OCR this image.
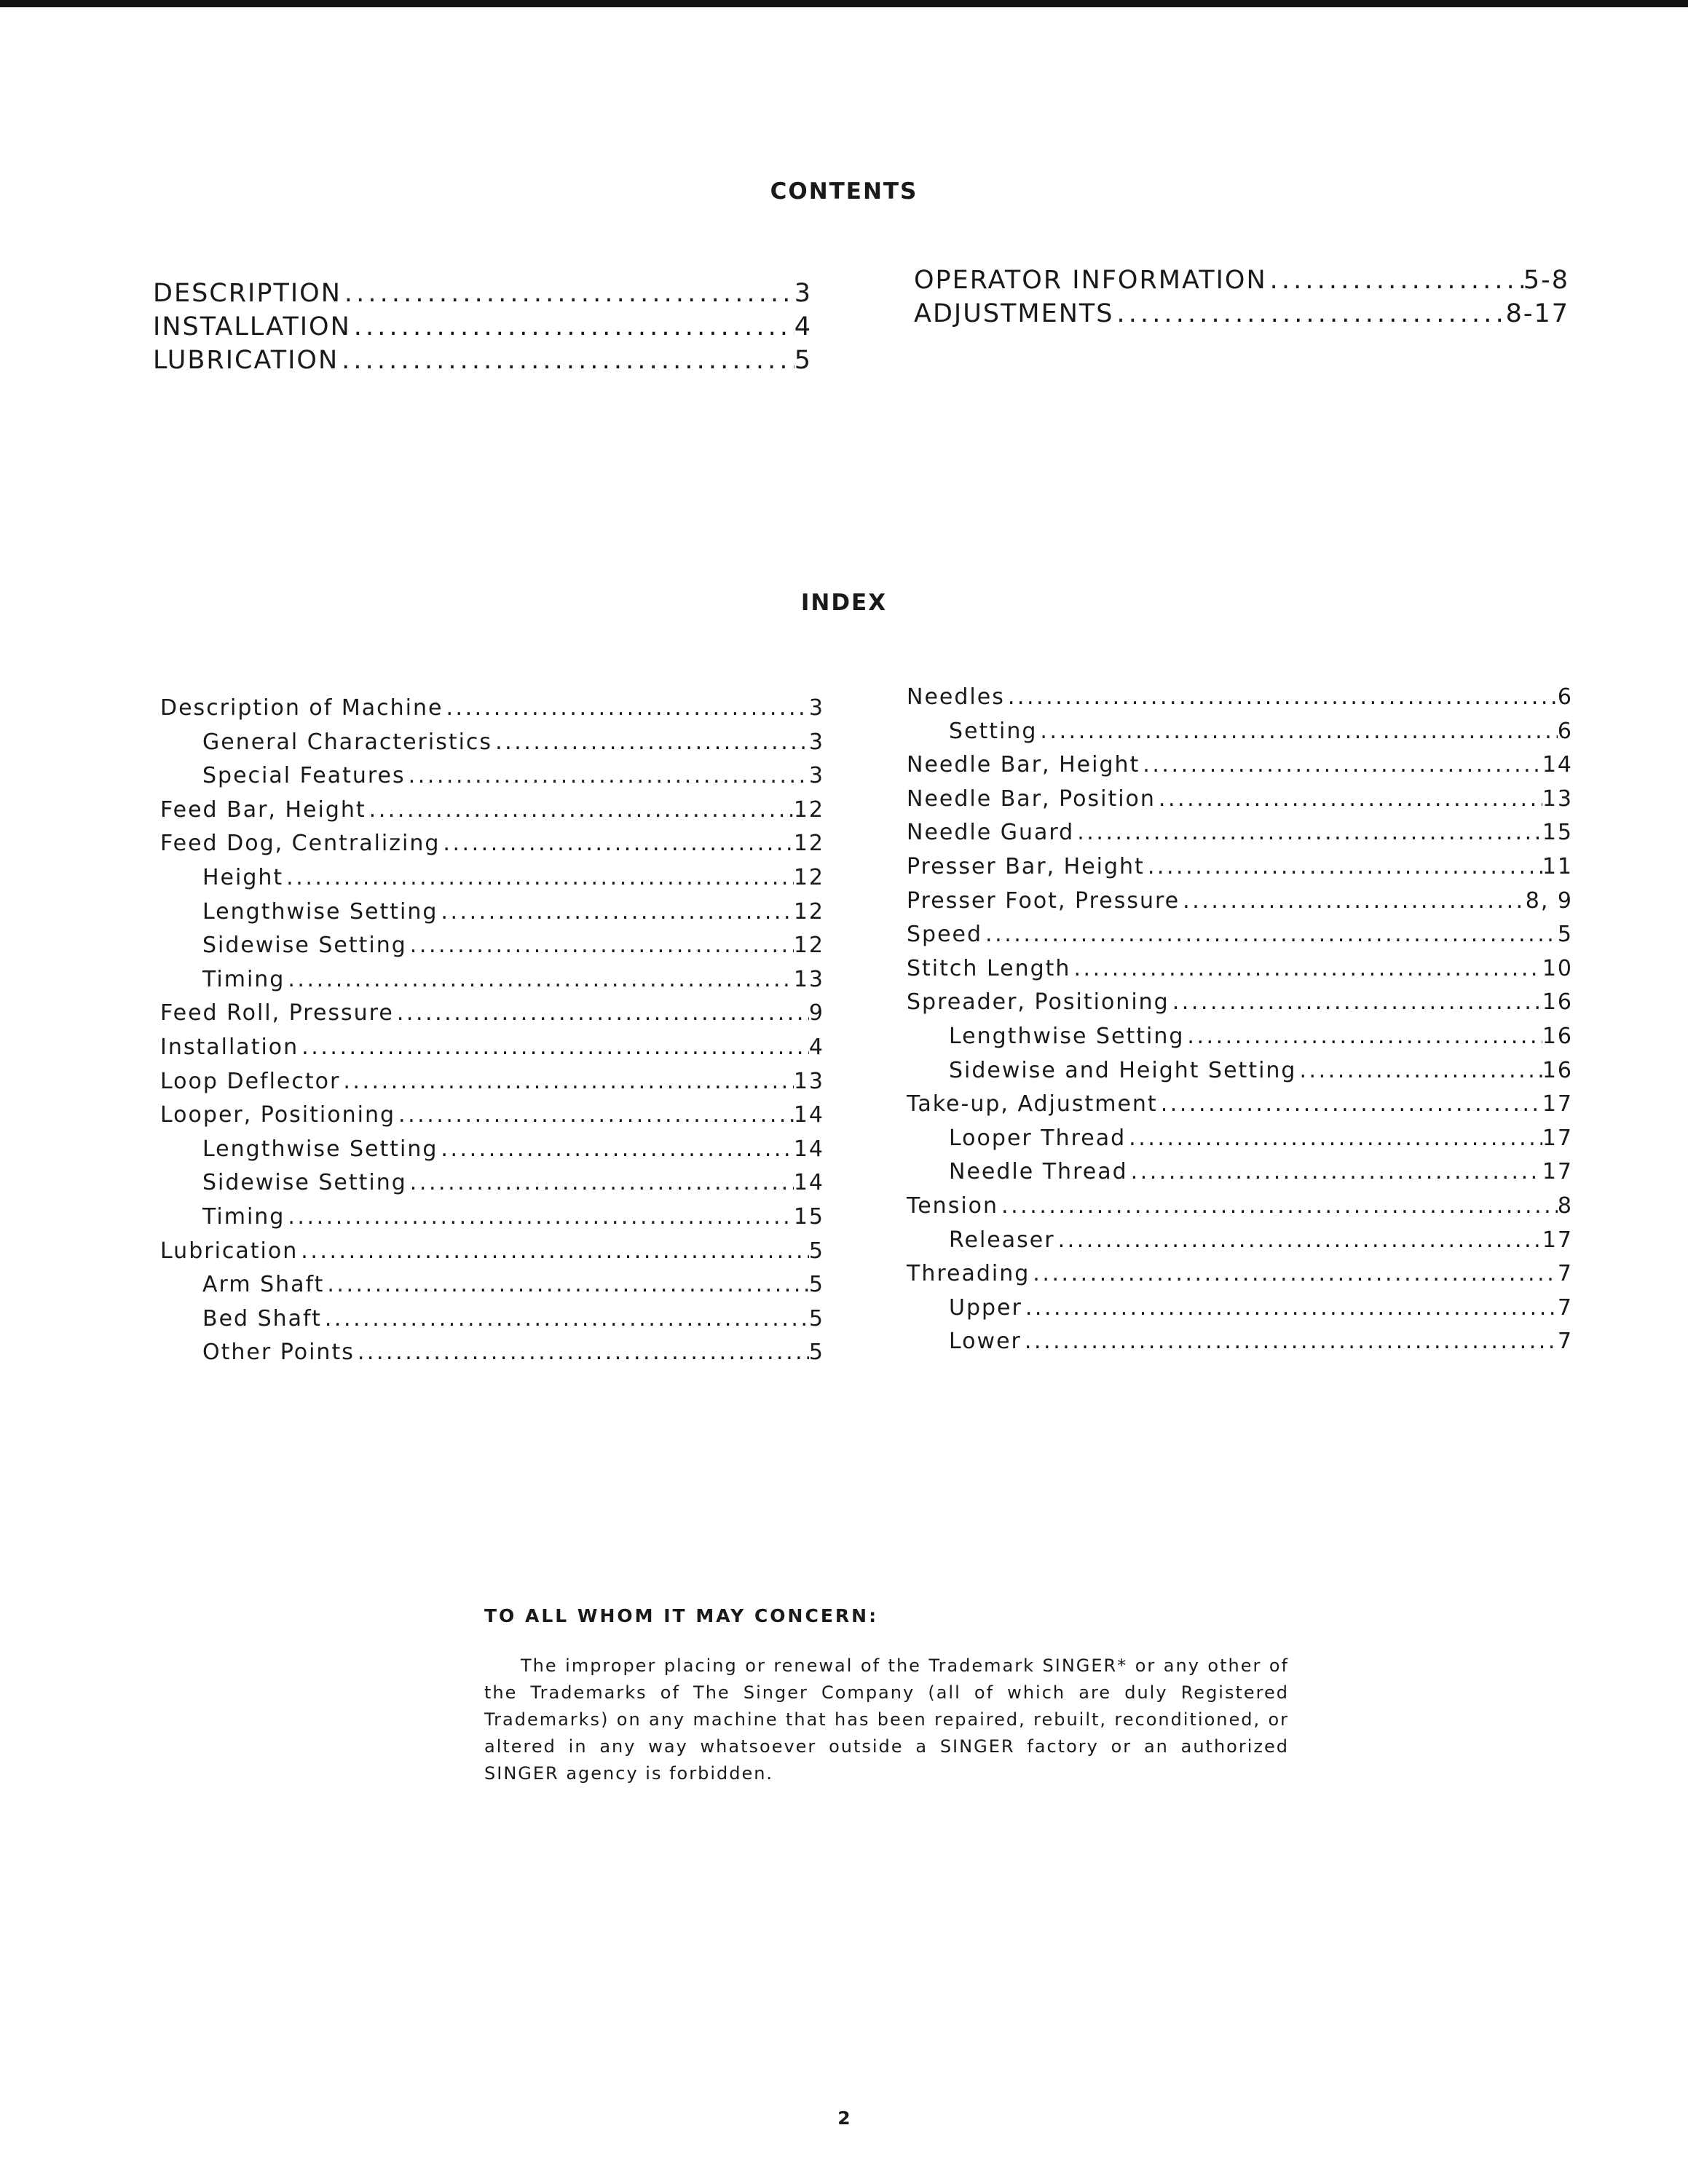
CONTENTS
DESCRIPTION . . .	3
INSTALLATION . . .	4
LUBRICATION . . .	5
OPERATOR INFORMATION . . .	5-8
ADJUSTMENTS . . .	8-17
INDEX
Description of Machine . . .	3
General Characteristics . . .	3
Special Features . . .	3
Feed Bar, Height . . .	12
Feed Dog, Centralizing . . .	12
Height . . .	12
Lengthwise Setting . . .	12
Sidewise Setting . . .	12
Timing . . .	13
Feed Roll, Pressure . . .	9
Installation . . .	4
Loop Deflector . . .	13
Looper, Positioning . . .	14
Lengthwise Setting . . .	14
Sidewise Setting . . .	14
Timing . . .	15
Lubrication . . .	5
Arm Shaft . . .	5
Bed Shaft . . .	5
Other Points . . .	5
Needles . . .	6
Setting . . .	6
Needle Bar, Height . . .	14
Needle Bar, Position . . .	13
Needle Guard . . .	15
Presser Bar, Height . . .	11
Presser Foot, Pressure . . .	8, 9
Speed . . .	5
Stitch Length . . .	10
Spreader, Positioning . . .	16
Lengthwise Setting . . .	16
Sidewise and Height Setting . . .	16
Take-up, Adjustment . . .	17
Looper Thread . . .	17
Needle Thread . . .	17
Tension . . .	8
Releaser . . .	17
Threading . . .	7
Upper . . .	7
Lower . . .	7
TO ALL WHOM IT MAY CONCERN:
The improper placing or renewal of the Trademark SINGER* or any other of the Trademarks of The Singer Company (all of which are duly Registered Trademarks) on any machine that has been repaired, rebuilt, reconditioned, or altered in any way whatsoever outside a SINGER factory or an authorized SINGER agency is forbidden.
2
